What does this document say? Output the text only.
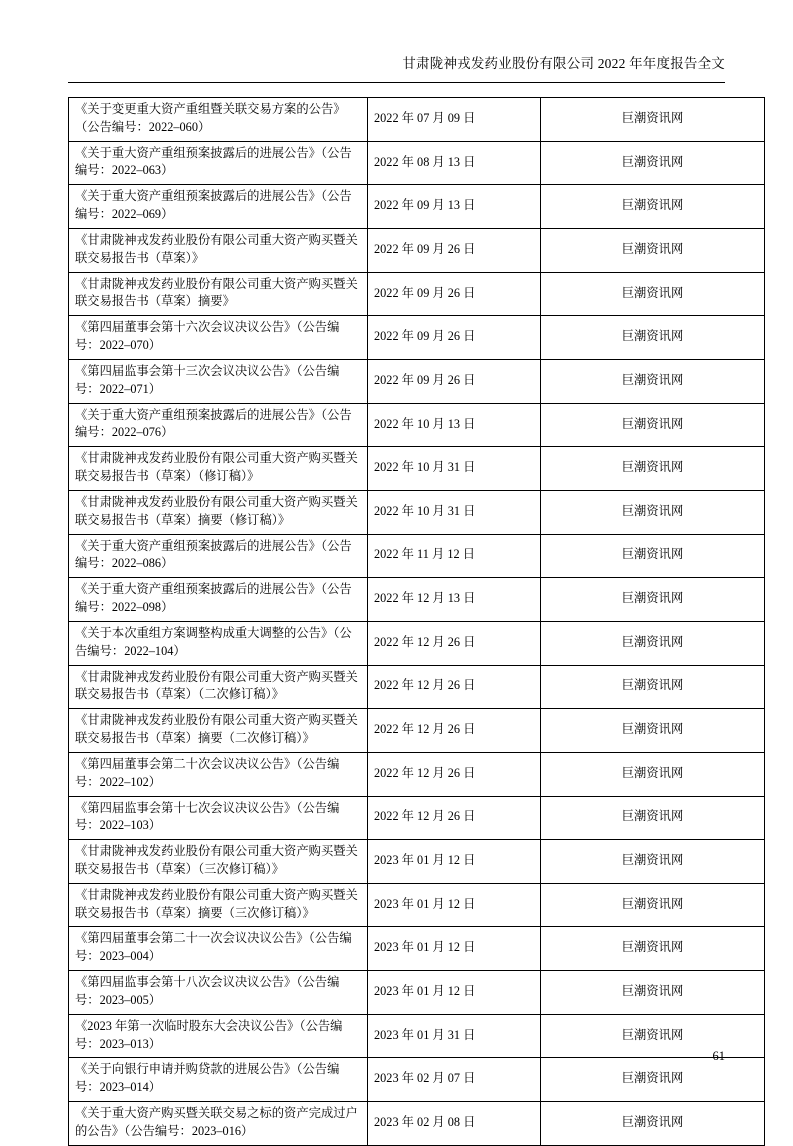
甘肃陇神戎发药业股份有限公司 2022 年年度报告全文
《关于变更重大资产重组暨关联交易方案的公告》（公告编号：2022–060）	2022 年 07 月 09 日	巨潮资讯网
《关于重大资产重组预案披露后的进展公告》（公告编号：2022–063）	2022 年 08 月 13 日	巨潮资讯网
《关于重大资产重组预案披露后的进展公告》（公告编号：2022–069）	2022 年 09 月 13 日	巨潮资讯网
《甘肃陇神戎发药业股份有限公司重大资产购买暨关联交易报告书（草案）》	2022 年 09 月 26 日	巨潮资讯网
《甘肃陇神戎发药业股份有限公司重大资产购买暨关联交易报告书（草案）摘要》	2022 年 09 月 26 日	巨潮资讯网
《第四届董事会第十六次会议决议公告》（公告编号：2022–070）	2022 年 09 月 26 日	巨潮资讯网
《第四届监事会第十三次会议决议公告》（公告编号：2022–071）	2022 年 09 月 26 日	巨潮资讯网
《关于重大资产重组预案披露后的进展公告》（公告编号：2022–076）	2022 年 10 月 13 日	巨潮资讯网
《甘肃陇神戎发药业股份有限公司重大资产购买暨关联交易报告书（草案）（修订稿）》	2022 年 10 月 31 日	巨潮资讯网
《甘肃陇神戎发药业股份有限公司重大资产购买暨关联交易报告书（草案）摘要（修订稿）》	2022 年 10 月 31 日	巨潮资讯网
《关于重大资产重组预案披露后的进展公告》（公告编号：2022–086）	2022 年 11 月 12 日	巨潮资讯网
《关于重大资产重组预案披露后的进展公告》（公告编号：2022–098）	2022 年 12 月 13 日	巨潮资讯网
《关于本次重组方案调整构成重大调整的公告》（公告编号：2022–104）	2022 年 12 月 26 日	巨潮资讯网
《甘肃陇神戎发药业股份有限公司重大资产购买暨关联交易报告书（草案）（二次修订稿）》	2022 年 12 月 26 日	巨潮资讯网
《甘肃陇神戎发药业股份有限公司重大资产购买暨关联交易报告书（草案）摘要（二次修订稿）》	2022 年 12 月 26 日	巨潮资讯网
《第四届董事会第二十次会议决议公告》（公告编号：2022–102）	2022 年 12 月 26 日	巨潮资讯网
《第四届监事会第十七次会议决议公告》（公告编号：2022–103）	2022 年 12 月 26 日	巨潮资讯网
《甘肃陇神戎发药业股份有限公司重大资产购买暨关联交易报告书（草案）（三次修订稿）》	2023 年 01 月 12 日	巨潮资讯网
《甘肃陇神戎发药业股份有限公司重大资产购买暨关联交易报告书（草案）摘要（三次修订稿）》	2023 年 01 月 12 日	巨潮资讯网
《第四届董事会第二十一次会议决议公告》（公告编号：2023–004）	2023 年 01 月 12 日	巨潮资讯网
《第四届监事会第十八次会议决议公告》（公告编号：2023–005）	2023 年 01 月 12 日	巨潮资讯网
《2023 年第一次临时股东大会决议公告》（公告编号：2023–013）	2023 年 01 月 31 日	巨潮资讯网
《关于向银行申请并购贷款的进展公告》（公告编号：2023–014）	2023 年 02 月 07 日	巨潮资讯网
《关于重大资产购买暨关联交易之标的资产完成过户的公告》（公告编号：2023–016）	2023 年 02 月 08 日	巨潮资讯网
61
